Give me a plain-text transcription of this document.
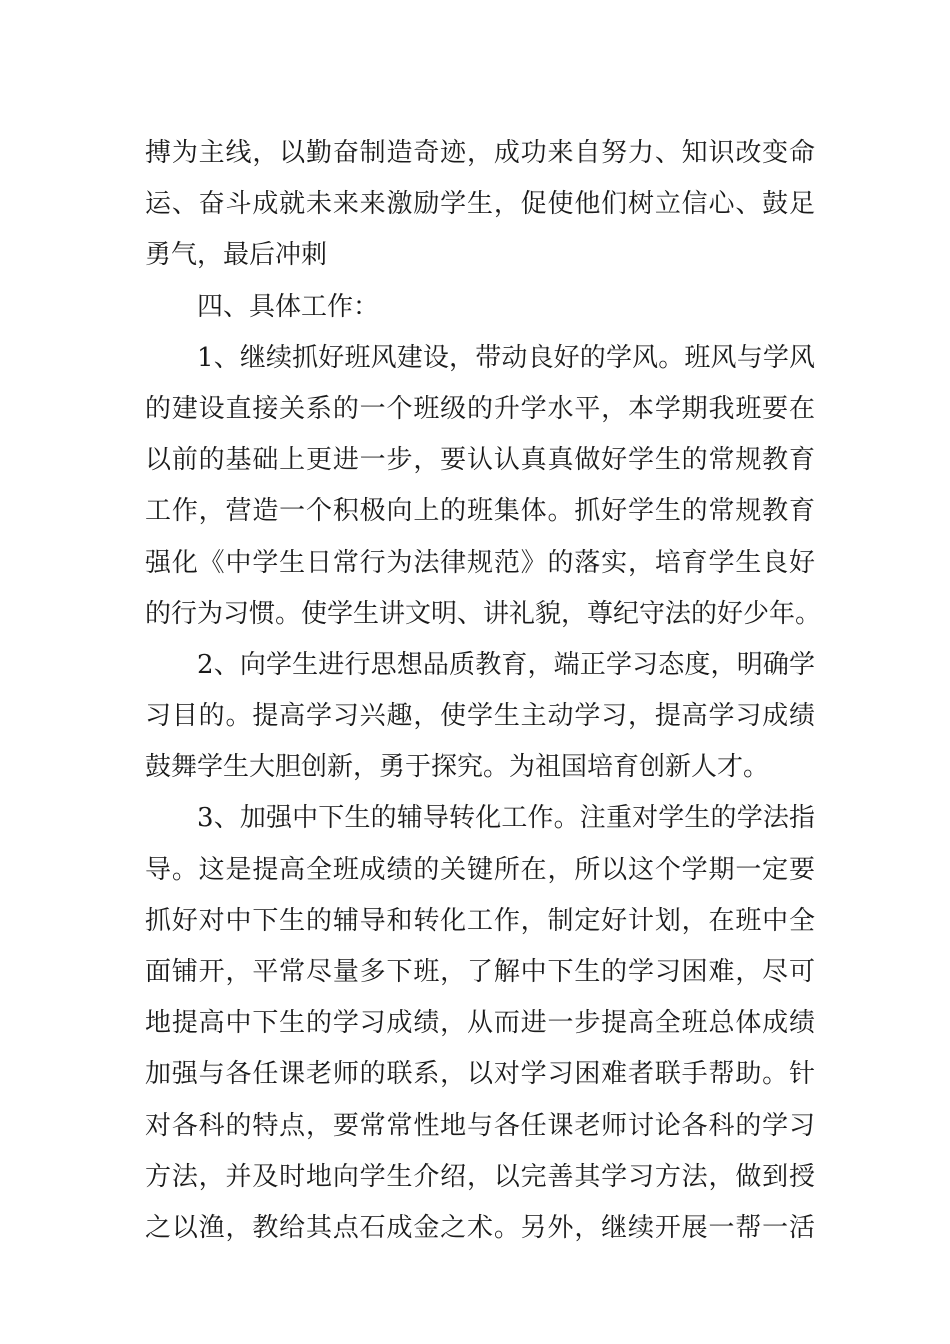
搏为主线，以勤奋制造奇迹，成功来自努力、知识改变命
运、奋斗成就未来来激励学生，促使他们树立信心、鼓足
勇气，最后冲刺
四、具体工作：
1、继续抓好班风建设，带动良好的学风。班风与学风
的建设直接关系的一个班级的升学水平，本学期我班要在
以前的基础上更进一步，要认认真真做好学生的常规教育
工作，营造一个积极向上的班集体。抓好学生的常规教育
强化《中学生日常行为法律规范》的落实，培育学生良好
的行为习惯。使学生讲文明、讲礼貌，尊纪守法的好少年。
2、向学生进行思想品质教育，端正学习态度，明确学
习目的。提高学习兴趣，使学生主动学习，提高学习成绩
鼓舞学生大胆创新，勇于探究。为祖国培育创新人才。
3、加强中下生的辅导转化工作。注重对学生的学法指
导。这是提高全班成绩的关键所在，所以这个学期一定要
抓好对中下生的辅导和转化工作，制定好计划，在班中全
面铺开，平常尽量多下班，了解中下生的学习困难，尽可
地提高中下生的学习成绩，从而进一步提高全班总体成绩
加强与各任课老师的联系，以对学习困难者联手帮助。针
对各科的特点，要常常性地与各任课老师讨论各科的学习
方法，并及时地向学生介绍，以完善其学习方法，做到授
之以渔，教给其点石成金之术。另外，继续开展一帮一活
